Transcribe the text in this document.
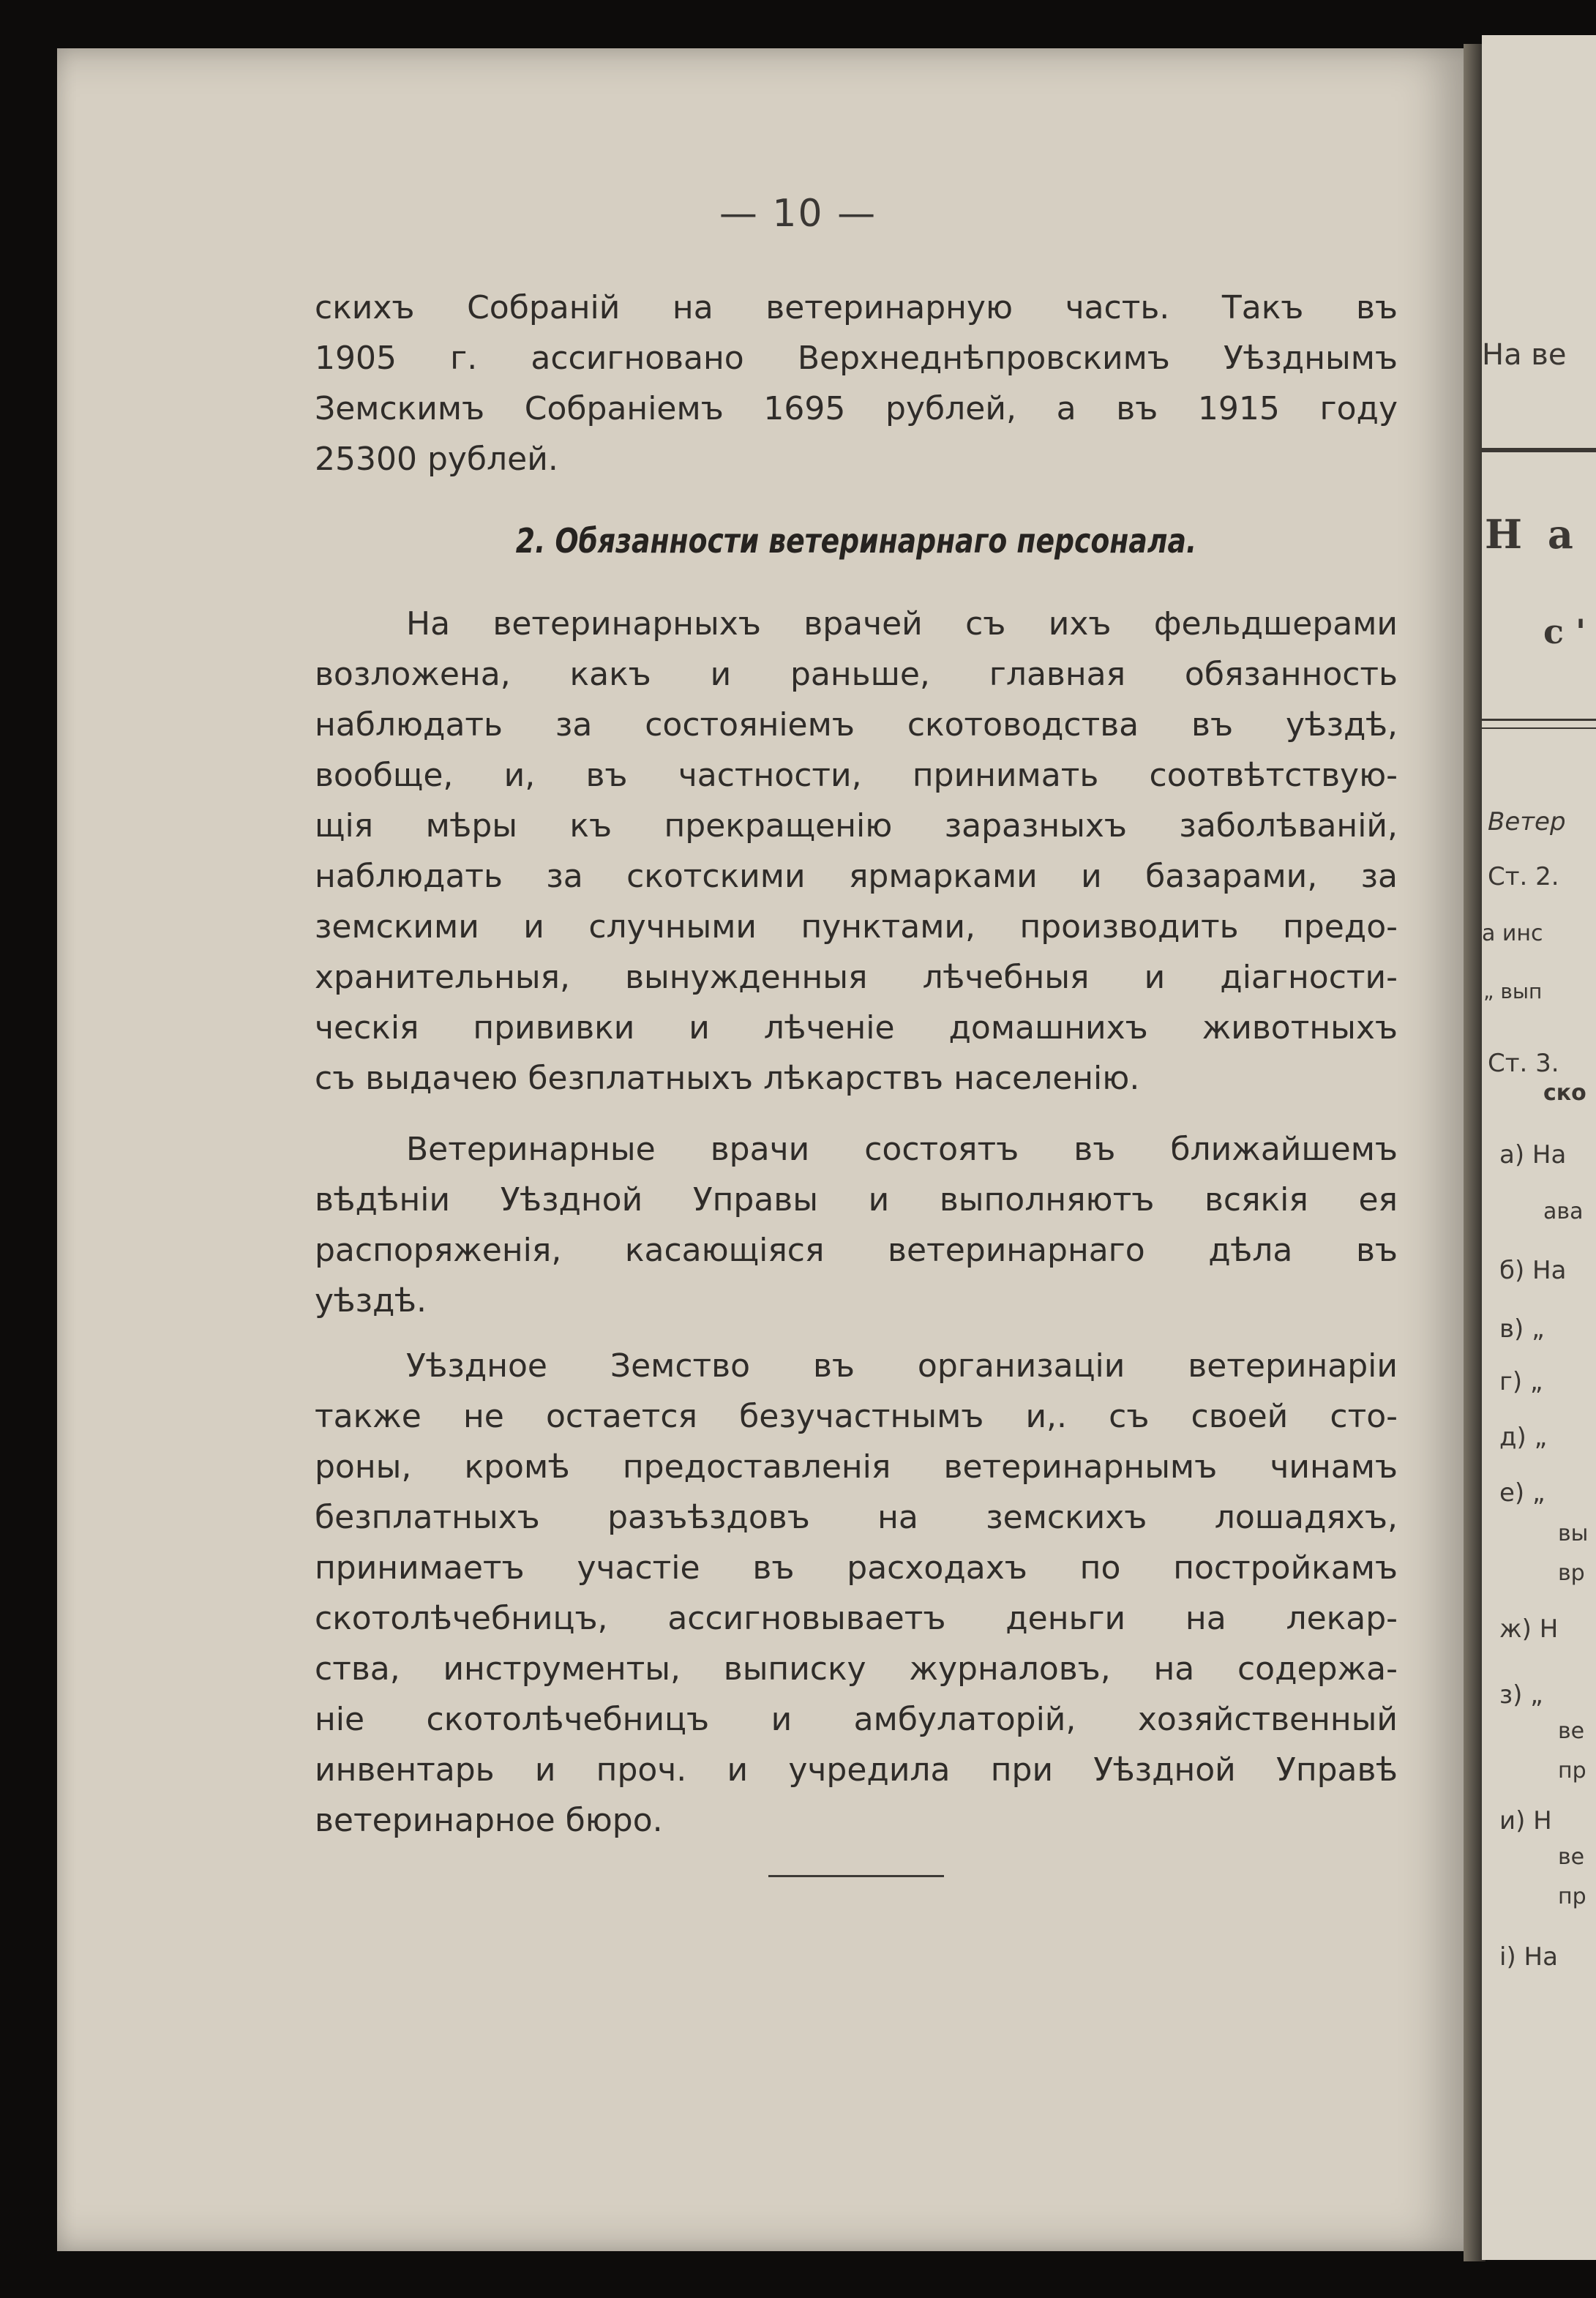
— 10 —
скихъ Собраній на ветеринарную часть. Такъ въ
1905 г. ассигновано Верхнеднѣпровскимъ Уѣзднымъ
Земскимъ Собраніемъ 1695 рублей, а въ 1915 году
25300 рублей.
2. Обязанности ветеринарнаго персонала.
На ветеринарныхъ врачей съ ихъ фельдшерами
возложена, какъ и раньше, главная обязанность
наблюдать за состояніемъ скотоводства въ уѣздѣ,
вообще, и, въ частности, принимать соотвѣтствую-
щія мѣры къ прекращенію заразныхъ заболѣваній,
наблюдать за скотскими ярмарками и базарами, за
земскими и случными пунктами, производить предо-
хранительныя, вынужденныя лѣчебныя и діагности-
ческія прививки и лѣченіе домашнихъ животныхъ
съ выдачею безплатныхъ лѣкарствъ населенію.
Ветеринарные врачи состоятъ въ ближайшемъ
вѣдѣніи Уѣздной Управы и выполняютъ всякія ея
распоряженія, касающіяся ветеринарнаго дѣла въ
уѣздѣ.
Уѣздное Земство въ организаціи ветеринаріи
также не остается безучастнымъ и,. съ своей сто-
роны, кромѣ предоставленія ветеринарнымъ чинамъ
безплатныхъ разъѣздовъ на земскихъ лошадяхъ,
принимаетъ участіе въ расходахъ по постройкамъ
скотолѣчебницъ, ассигновываетъ деньги на лекар-
ства, инструменты, выписку журналовъ, на содержа-
ніе скотолѣчебницъ и амбулаторій, хозяйственный
инвентарь и проч. и учредила при Уѣздной Управѣ
ветеринарное бюро.
На ве
Н а
с '
Ветер
Ст. 2.
а инс
„ вып
Ст. 3.
ско
а) На
ава
б) На
в) „
г) „
д) „
е) „
вы
вр
ж) Н
з) „
ве
пр
и) Н
ве
пр
і) На
